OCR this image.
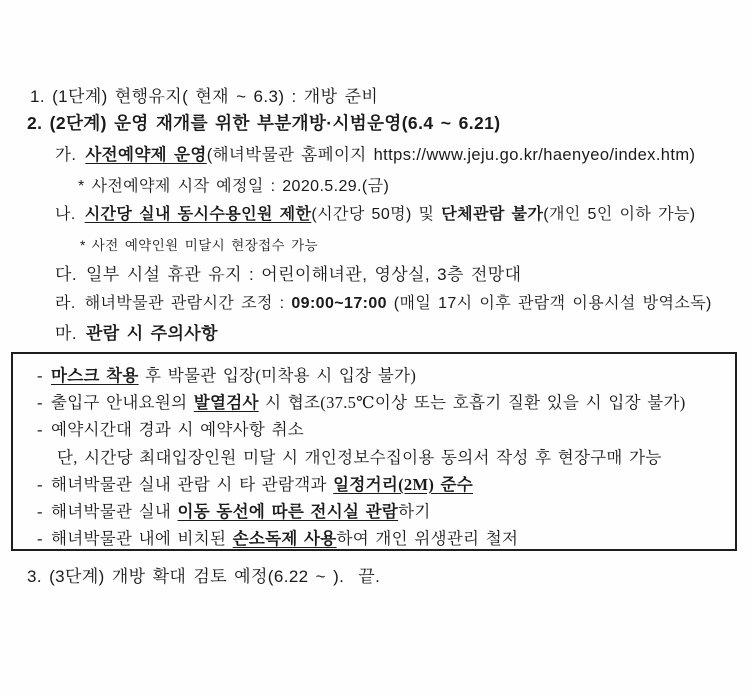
1. (1단계) 현행유지( 현재 ~ 6.3) : 개방 준비
2. (2단계) 운영 재개를 위한 부분개방·시범운영(6.4 ~ 6.21)
가. 사전예약제 운영(해녀박물관 홈페이지 https://www.jeju.go.kr/haenyeo/index.htm)
* 사전예약제 시작 예정일 : 2020.5.29.(금)
나. 시간당 실내 동시수용인원 제한(시간당 50명) 및 단체관람 불가(개인 5인 이하 가능)
* 사전 예약인원 미달시 현장접수 가능
다. 일부 시설 휴관 유지 : 어린이해녀관, 영상실, 3층 전망대
라. 해녀박물관 관람시간 조정 : 09:00~17:00 (매일 17시 이후 관람객 이용시설 방역소독)
마. 관람 시 주의사항
- 마스크 착용 후 박물관 입장(미착용 시 입장 불가)
- 출입구 안내요원의 발열검사 시 협조(37.5℃이상 또는 호흡기 질환 있을 시 입장 불가)
- 예약시간대 경과 시 예약사항 취소
단, 시간당 최대입장인원 미달 시 개인정보수집이용 동의서 작성 후 현장구매 가능
- 해녀박물관 실내 관람 시 타 관람객과 일정거리(2M) 준수
- 해녀박물관 실내 이동 동선에 따른 전시실 관람하기
- 해녀박물관 내에 비치된 손소독제 사용하여 개인 위생관리 철저
3. (3단계) 개방 확대 검토 예정(6.22 ~ ). 끝.
